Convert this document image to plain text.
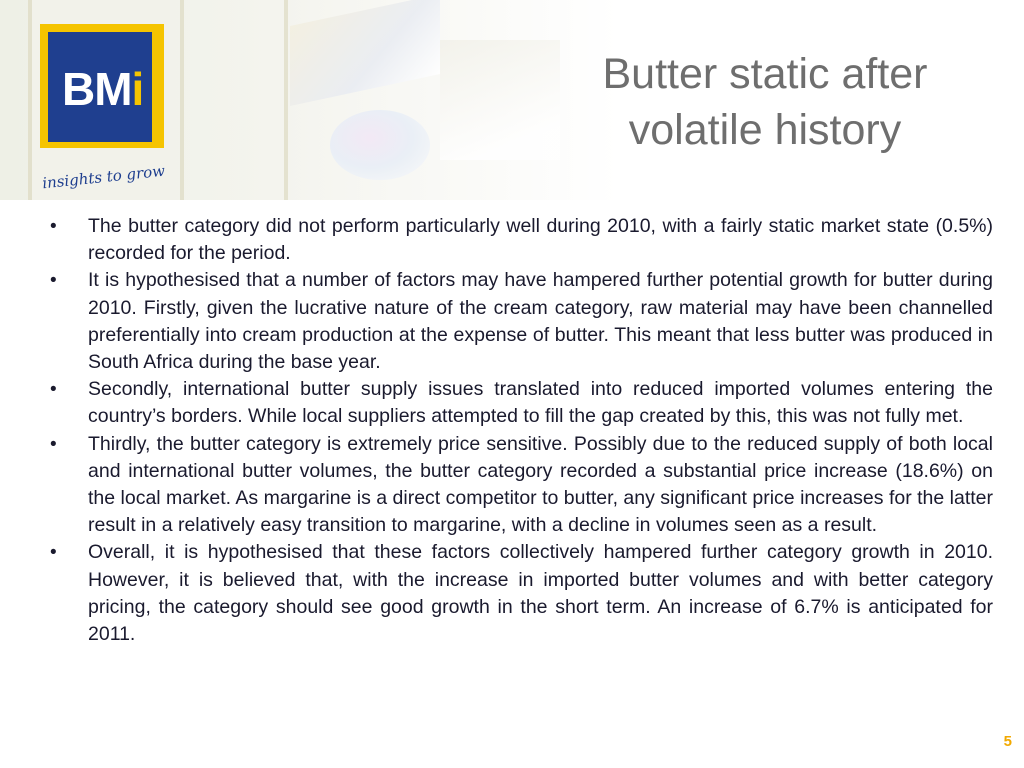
BMi
insights to grow
Butter static after
volatile history
• The butter category did not perform particularly well during 2010, with a fairly static market state (0.5%) recorded for the period.
• It is hypothesised that a number of factors may have hampered further potential growth for butter during 2010. Firstly, given the lucrative nature of the cream category, raw material may have been channelled preferentially into cream production at the expense of butter. This meant that less butter was produced in South Africa during the base year.
• Secondly, international butter supply issues translated into reduced imported volumes entering the country’s borders. While local suppliers attempted to fill the gap created by this, this was not fully met.
• Thirdly, the butter category is extremely price sensitive. Possibly due to the reduced supply of both local and international butter volumes, the butter category recorded a substantial price increase (18.6%) on the local market. As margarine is a direct competitor to butter, any significant price increases for the latter result in a relatively easy transition to margarine, with a decline in volumes seen as a result.
• Overall, it is hypothesised that these factors collectively hampered further category growth in 2010. However, it is believed that, with the increase in imported butter volumes and with better category pricing, the category should see good growth in the short term. An increase of 6.7% is anticipated for 2011.
5
